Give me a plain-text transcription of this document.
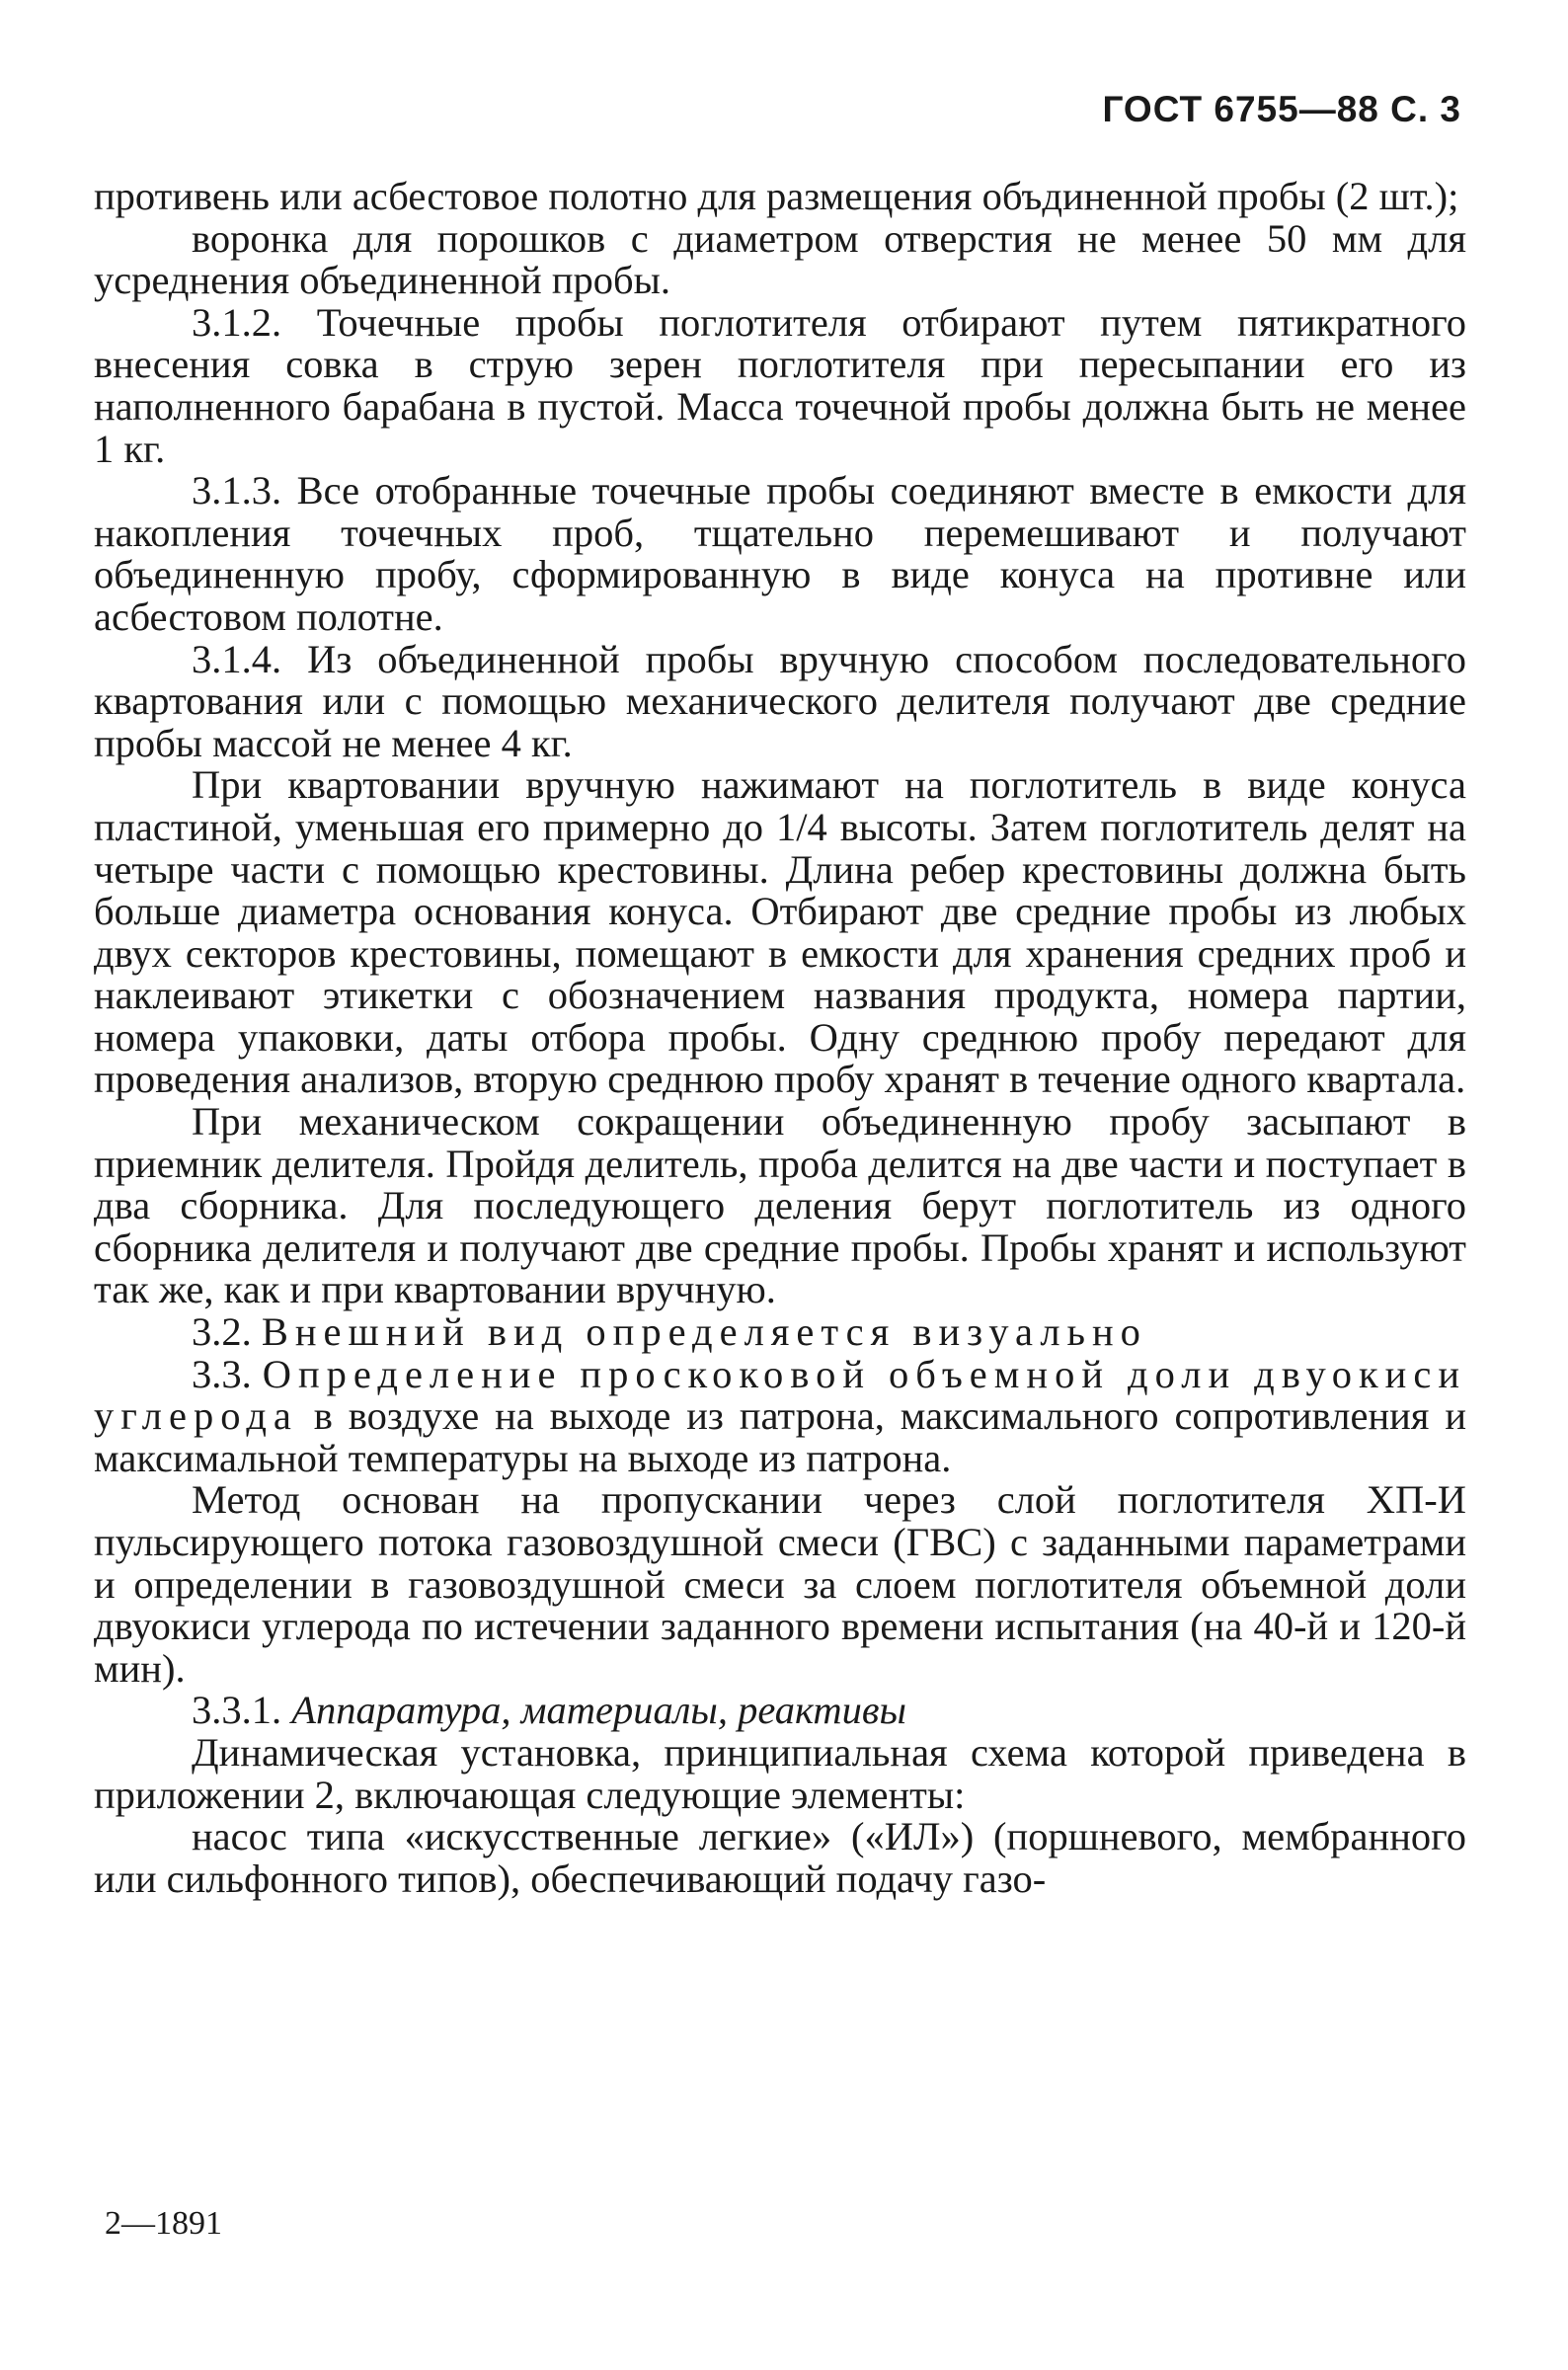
ГОСТ 6755—88 С. 3

противень или асбестовое полотно для размещения объдиненной пробы (2 шт.);

воронка для порошков с диаметром отверстия не менее 50 мм для усреднения объединенной пробы.

3.1.2. Точечные пробы поглотителя отбирают путем пятикратного внесения совка в струю зерен поглотителя при пересыпании его из наполненного барабана в пустой. Масса точечной пробы должна быть не менее 1 кг.

3.1.3. Все отобранные точечные пробы соединяют вместе в емкости для накопления точечных проб, тщательно перемешивают и получают объединенную пробу, сформированную в виде конуса на противне или асбестовом полотне.

3.1.4. Из объединенной пробы вручную способом последовательного квартования или с помощью механического делителя получают две средние пробы массой не менее 4 кг.

При квартовании вручную нажимают на поглотитель в виде конуса пластиной, уменьшая его примерно до 1/4 высоты. Затем поглотитель делят на четыре части с помощью крестовины. Длина ребер крестовины должна быть больше диаметра основания конуса. Отбирают две средние пробы из любых двух секторов крестовины, помещают в емкости для хранения средних проб и наклеивают этикетки с обозначением названия продукта, номера партии, номера упаковки, даты отбора пробы. Одну среднюю пробу передают для проведения анализов, вторую среднюю пробу хранят в течение одного квартала.

При механическом сокращении объединенную пробу засыпают в приемник делителя. Пройдя делитель, проба делится на две части и поступает в два сборника. Для последующего деления берут поглотитель из одного сборника делителя и получают две средние пробы. Пробы хранят и используют так же, как и при квартовании вручную.

3.2. Внешний вид определяется визуально

3.3. Определение проскоковой объемной доли двуокиси углерода в воздухе на выходе из патрона, максимального сопротивления и максимальной температуры на выходе из патрона.

Метод основан на пропускании через слой поглотителя ХП-И пульсирующего потока газовоздушной смеси (ГВС) с заданными параметрами и определении в газовоздушной смеси за слоем поглотителя объемной доли двуокиси углерода по истечении заданного времени испытания (на 40-й и 120-й мин).

3.3.1. Аппаратура, материалы, реактивы

Динамическая установка, принципиальная схема которой приведена в приложении 2, включающая следующие элементы:

насос типа «искусственные легкие» («ИЛ») (поршневого, мембранного или сильфонного типов), обеспечивающий подачу газо-

2—1891
